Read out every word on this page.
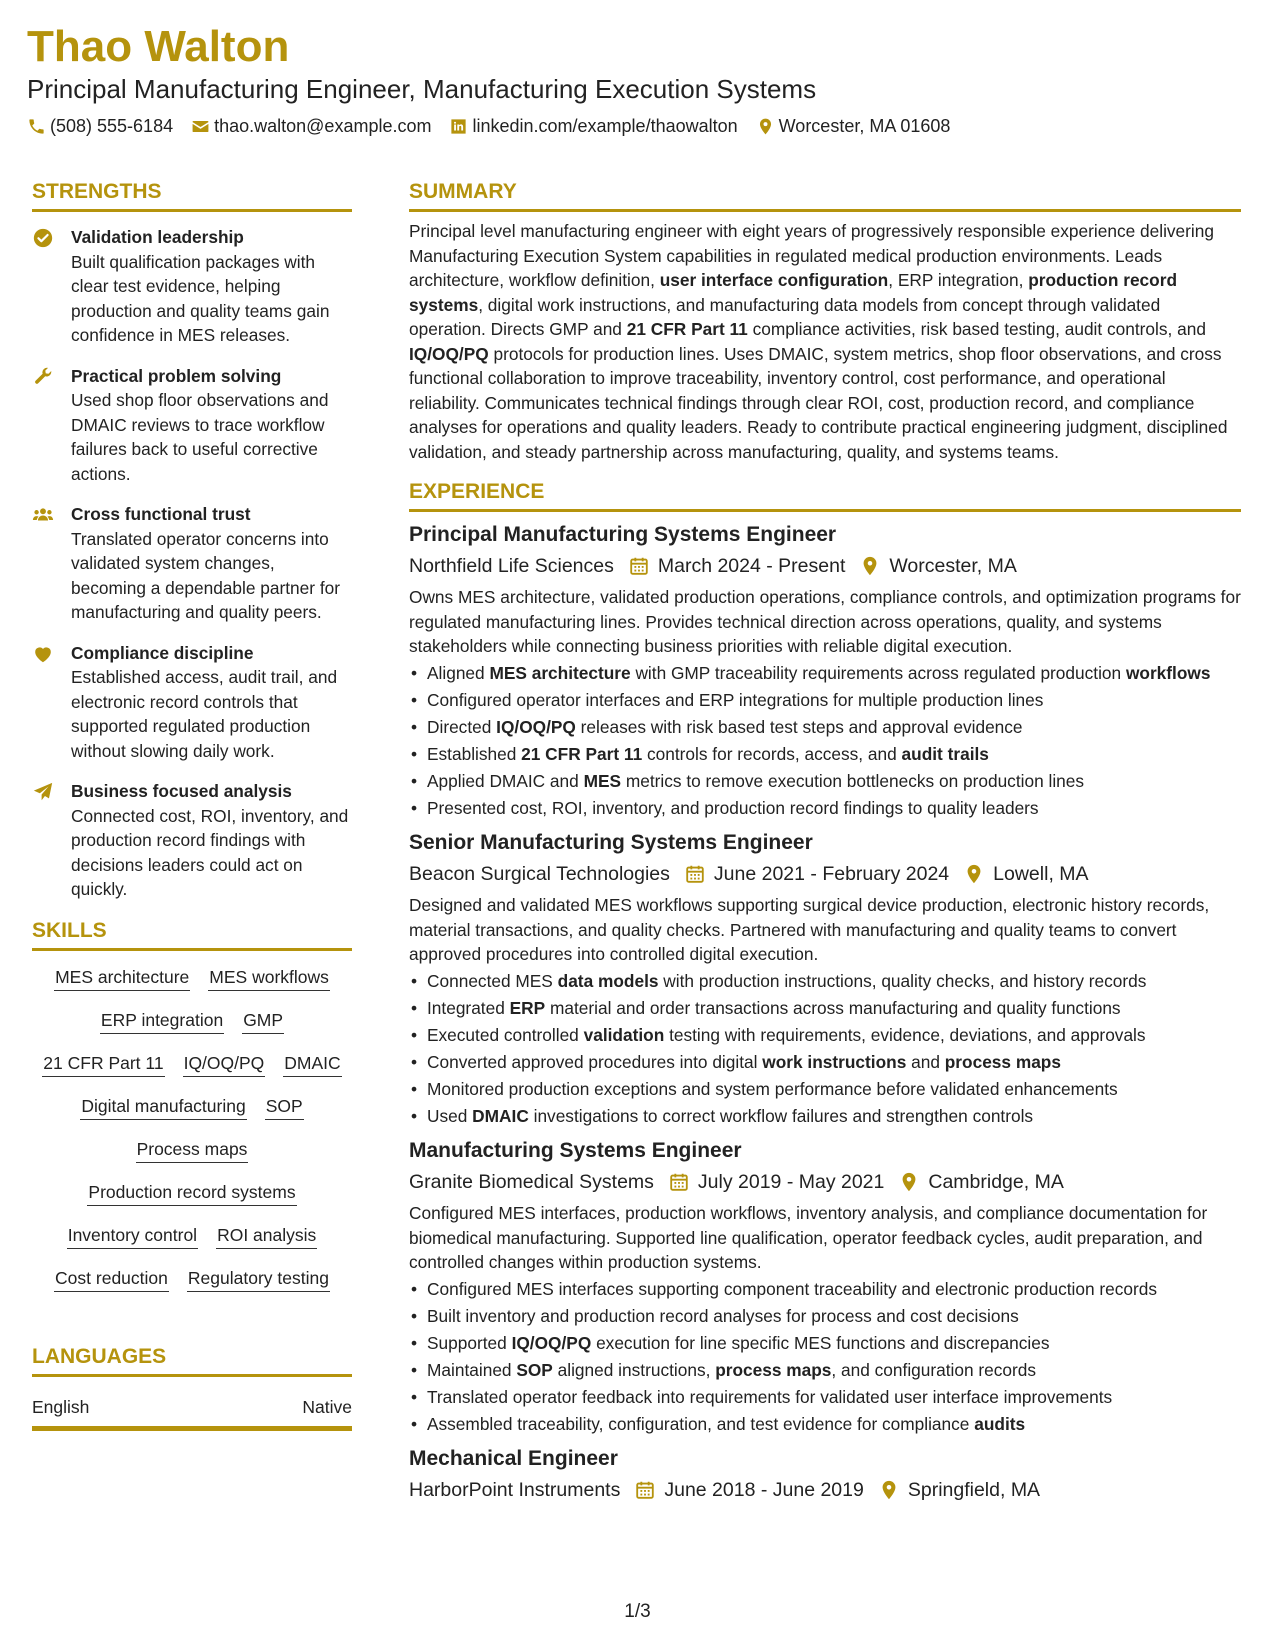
Thao Walton
Principal Manufacturing Engineer, Manufacturing Execution Systems
(508) 555-6184 thao.walton@example.com linkedin.com/example/thaowalton Worcester, MA 01608
STRENGTHS
Validation leadership
Built qualification packages with clear test evidence, helping production and quality teams gain confidence in MES releases.
Practical problem solving
Used shop floor observations and DMAIC reviews to trace workflow failures back to useful corrective actions.
Cross functional trust
Translated operator concerns into validated system changes, becoming a dependable partner for manufacturing and quality peers.
Compliance discipline
Established access, audit trail, and electronic record controls that supported regulated production without slowing daily work.
Business focused analysis
Connected cost, ROI, inventory, and production record findings with decisions leaders could act on quickly.
SKILLS
MES architecture MES workflows
ERP integration GMP
21 CFR Part 11 IQ/OQ/PQ DMAIC
Digital manufacturing SOP
Process maps
Production record systems
Inventory control ROI analysis
Cost reduction Regulatory testing
LANGUAGES
English	Native
SUMMARY
Principal level manufacturing engineer with eight years of progressively responsible experience delivering Manufacturing Execution System capabilities in regulated medical production environments. Leads architecture, workflow definition, user interface configuration, ERP integration, production record systems, digital work instructions, and manufacturing data models from concept through validated operation. Directs GMP and 21 CFR Part 11 compliance activities, risk based testing, audit controls, and IQ/OQ/PQ protocols for production lines. Uses DMAIC, system metrics, shop floor observations, and cross functional collaboration to improve traceability, inventory control, cost performance, and operational reliability. Communicates technical findings through clear ROI, cost, production record, and compliance analyses for operations and quality leaders. Ready to contribute practical engineering judgment, disciplined validation, and steady partnership across manufacturing, quality, and systems teams.
EXPERIENCE
Principal Manufacturing Systems Engineer
Northfield Life Sciences March 2024 - Present Worcester, MA
Owns MES architecture, validated production operations, compliance controls, and optimization programs for regulated manufacturing lines. Provides technical direction across operations, quality, and systems stakeholders while connecting business priorities with reliable digital execution.
• Aligned MES architecture with GMP traceability requirements across regulated production workflows
• Configured operator interfaces and ERP integrations for multiple production lines
• Directed IQ/OQ/PQ releases with risk based test steps and approval evidence
• Established 21 CFR Part 11 controls for records, access, and audit trails
• Applied DMAIC and MES metrics to remove execution bottlenecks on production lines
• Presented cost, ROI, inventory, and production record findings to quality leaders
Senior Manufacturing Systems Engineer
Beacon Surgical Technologies June 2021 - February 2024 Lowell, MA
Designed and validated MES workflows supporting surgical device production, electronic history records, material transactions, and quality checks. Partnered with manufacturing and quality teams to convert approved procedures into controlled digital execution.
• Connected MES data models with production instructions, quality checks, and history records
• Integrated ERP material and order transactions across manufacturing and quality functions
• Executed controlled validation testing with requirements, evidence, deviations, and approvals
• Converted approved procedures into digital work instructions and process maps
• Monitored production exceptions and system performance before validated enhancements
• Used DMAIC investigations to correct workflow failures and strengthen controls
Manufacturing Systems Engineer
Granite Biomedical Systems July 2019 - May 2021 Cambridge, MA
Configured MES interfaces, production workflows, inventory analysis, and compliance documentation for biomedical manufacturing. Supported line qualification, operator feedback cycles, audit preparation, and controlled changes within production systems.
• Configured MES interfaces supporting component traceability and electronic production records
• Built inventory and production record analyses for process and cost decisions
• Supported IQ/OQ/PQ execution for line specific MES functions and discrepancies
• Maintained SOP aligned instructions, process maps, and configuration records
• Translated operator feedback into requirements for validated user interface improvements
• Assembled traceability, configuration, and test evidence for compliance audits
Mechanical Engineer
HarborPoint Instruments June 2018 - June 2019 Springfield, MA
1/3
